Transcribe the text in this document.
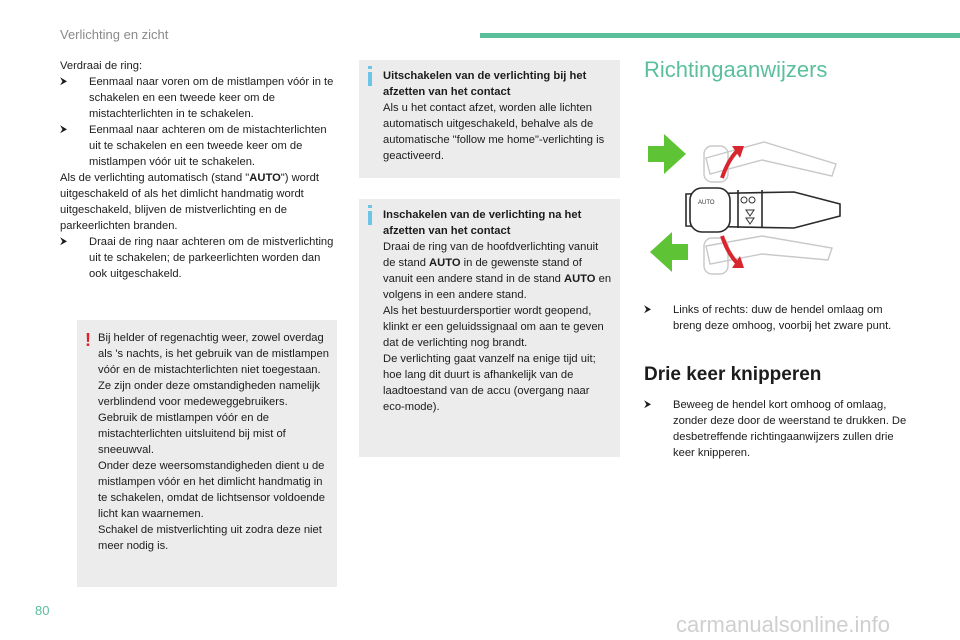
Verlichting en zicht

Verdraai de ring:

⮞ Eenmaal naar voren om de mistlampen vóór in te schakelen en een tweede keer om de mistachterlichten in te schakelen.
⮞ Eenmaal naar achteren om de mistachterlichten uit te schakelen en een tweede keer om de mistlampen vóór uit te schakelen.

Als de verlichting automatisch (stand "AUTO") wordt uitgeschakeld of als het dimlicht handmatig wordt uitgeschakeld, blijven de mistverlichting en de parkeerlichten branden.

⮞ Draai de ring naar achteren om de mistverlichting uit te schakelen; de parkeerlichten worden dan ook uitgeschakeld.
! Bij helder of regenachtig weer, zowel overdag als 's nachts, is het gebruik van de mistlampen vóór en de mistachterlichten niet toegestaan. Ze zijn onder deze omstandigheden namelijk verblindend voor medeweggebruikers. Gebruik de mistlampen vóór en de mistachterlichten uitsluitend bij mist of sneeuwval.

Onder deze weersomstandigheden dient u de mistlampen vóór en het dimlicht handmatig in te schakelen, omdat de lichtsensor voldoende licht kan waarnemen.

Schakel de mistverlichting uit zodra deze niet meer nodig is.

Uitschakelen van de verlichting bij het afzetten van het contact

Als u het contact afzet, worden alle lichten automatisch uitgeschakeld, behalve als de automatische "follow me home"-verlichting is geactiveerd.

Inschakelen van de verlichting na het afzetten van het contact

Draai de ring van de hoofdverlichting vanuit de stand AUTO in de gewenste stand of vanuit een andere stand in de stand AUTO en volgens in een andere stand.

Als het bestuurdersportier wordt geopend, klinkt er een geluidssignaal om aan te geven dat de verlichting nog brandt.

De verlichting gaat vanzelf na enige tijd uit; hoe lang dit duurt is afhankelijk van de laadtoestand van de accu (overgang naar eco-mode).

Richtingaanwijzers
AUTO
⮞ Links of rechts: duw de hendel omlaag om breng deze omhoog, voorbij het zware punt.
Drie keer knipperen
⮞ Beweeg de hendel kort omhoog of omlaag, zonder deze door de weerstand te drukken. De desbetreffende richtingaanwijzers zullen drie keer knipperen.
80
carmanualsonline.info
